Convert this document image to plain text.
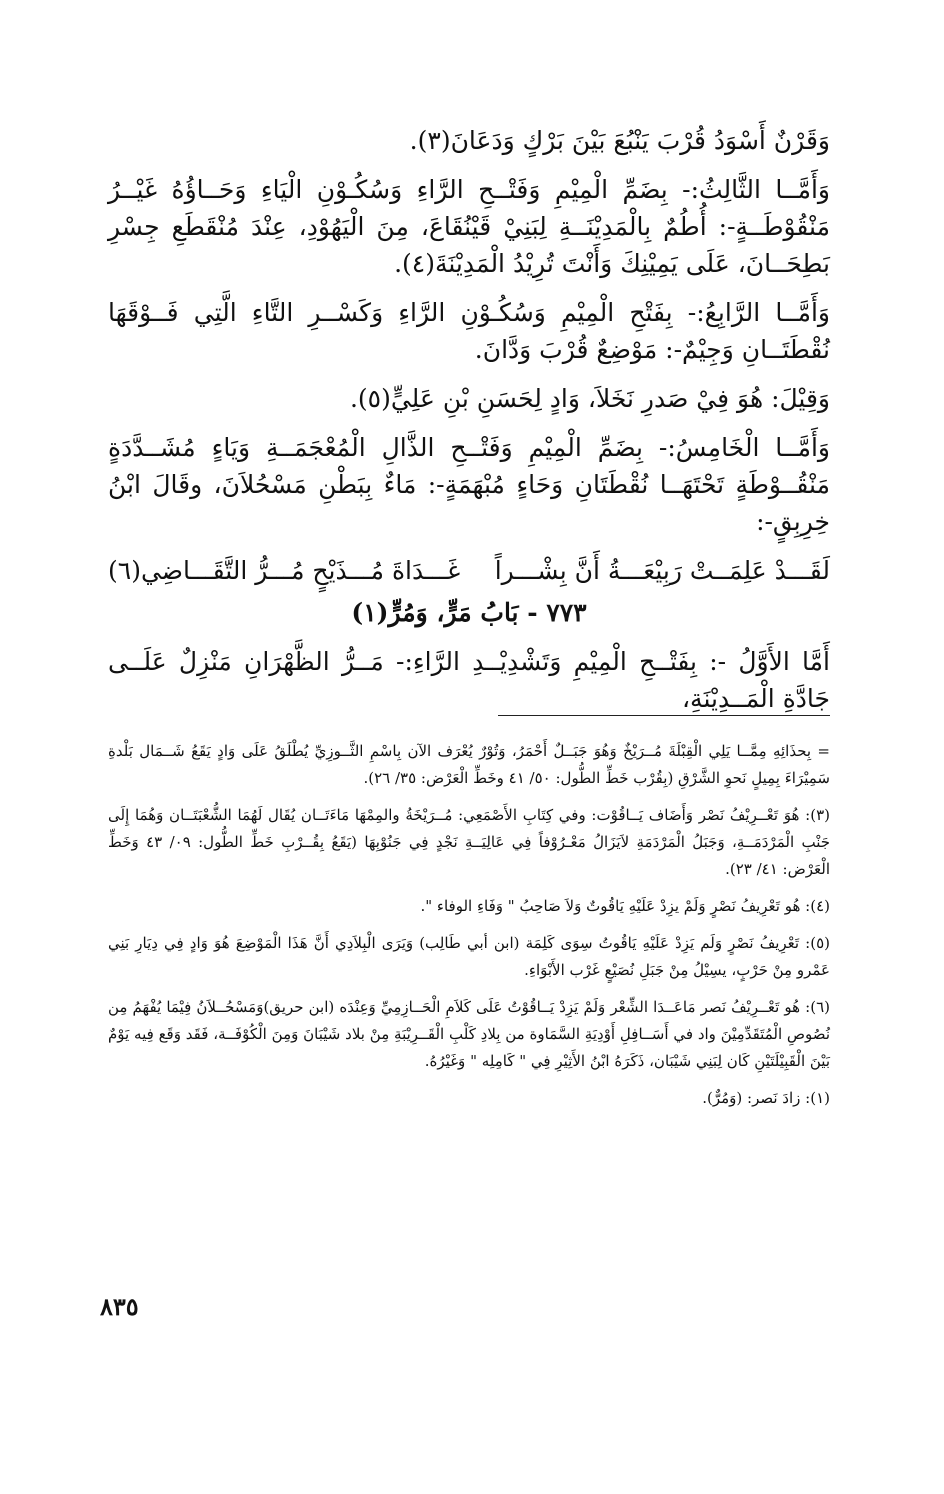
وَقَرْنٌ أَسْوَدُ قُرْبَ يَنْبُعَ بَيْنَ بَرْكٍ وَدَعَانَ(٣).

وَأَمَّــا الثَّالِثُ:- بِضَمِّ الْمِيْمِ وَفَتْــحِ الرَّاءِ وَسُكُـوْنِ الْيَاءِ وَحَــاؤُهُ غَيْــرُ مَنْقُوْطَــةٍ-: أُطُمٌ بِالْمَدِيْنَــةِ لِبَنِيْ قَيْنُقَاعَ، مِنَ الْيَهُوْدِ، عِنْدَ مُنْقَطَعِ جِسْرِ بَطِحَــانَ، عَلَى يَمِيْنِكَ وَأَنْتَ تُرِيْدُ الْمَدِيْنَةَ(٤).

وَأَمَّــا الرَّابِعُ:- بِفَتْحِ الْمِيْمِ وَسُكُـوْنِ الرَّاءِ وَكَسْــرِ التَّاءِ الَّتِي فَــوْقَهَا نُقْطَتَــانِ وَجِيْمٌ-: مَوْضِعٌ قُرْبَ وَدَّانَ.

وَقِيْلَ: هُوَ فِيْ صَدرِ نَخَلاَ، وَادٍ لِحَسَنِ بْنِ عَلِيٍّ(٥).

وَأَمَّــا الْخَامِسُ:- بِضَمِّ الْمِيْمِ وَفَتْــحِ الذَّالِ الْمُعْجَمَــةِ وَيَاءٍ مُشَــدَّدَةٍ مَنْقُــوْطَةٍ تَحْتَهَــا نُقْطَتَانِ وَحَاءٍ مُبْهَمَةٍ-: مَاءٌ بِبَطْنِ مَسْحُلاَنَ، وقَالَ ابْنُ خِرِبِقٍ-:

لَقَـــدْ عَلِمَــتْ رَبِيْعَـــةُ أَنَّ بِشْـــراً
غَـــدَاةَ مُـــذَيْحٍ مُـــرُّ التَّقَـــاضِي(٦)
٧٧٣ - بَابُ مَرٍّ، وَمُرٍّ(١)

أَمَّا الأَوَّلُ -: بِفَتْــحِ الْمِيْمِ وَتَشْدِيْــدِ الرَّاءِ:- مَــرُّ الظَّهْرَانِ مَنْزِلٌ عَلَــى جَادَّةِ الْمَــدِيْنَةِ،

= بِحذَائِهِ مِمَّــا يَلِي الْقِبْلَةَ مُــرَيْخٌ وَهُوَ جَبَــلٌ أَحْمَرُ، وَتُوْرٌ يُعْرَف الآن بِاسْمِ الثَّــوزِيِّ يُطْلَقُ عَلَى وَادٍ يَقَعُ شَــمَال بَلْدةِ سَمِيْرَاءَ بِمِيلٍ نَحوِ الشَّرْقِ (بِقُرْب خَطِّ الطُّول: ٥٠/ ٤١ وخَطِّ الْعَرْض: ٣٥/ ٢٦).

(٣): هُوَ تَعْــرِيْفُ نَصْر وَأَضَاف يَــاقُوْت: وفي كِتَابِ الأَصْمَعِي: مُــرَيْخَةُ والمِمْهَا مَاءَتَــان يُقَال لَهُمَا الشُّعْبَتَــان وَهُمَا إِلَى جَنْبِ الْمَرْدَمَــةِ، وَجَبَلُ الْمَرْدَمَةِ لاَيَزَالُ مَعْـرُوْفاً فِي عَالِيَــةِ نَجْدٍ فِي جَنُوْبِهَا (يَقَعُ بِقُــرْبِ خَطِّ الطُّول: ٠٩/ ٤٣ وَخَطِّ الْعَرْض: ٤١/ ٢٣).

(٤): هُو تَعْرِيفُ نَصْرٍ وَلَمْ يزِدْ عَلَيْهِ يَاقُوتٌ وَلاَ صَاحِبُ " وَفَاءِ الوفاء ".

(٥): تَعْرِيفُ نَصْرٍ وَلَم يَزِدْ عَلَيْهِ يَاقُوتُ سِوَى كَلِمَة (ابن أبي طَالِب) وَيَرَى الْبِلاَدِي أَنَّ هَذَا الْمَوْضِعَ هُوَ وَادٍ فِي دِيَارِ بَنِي عَمْرو مِنْ حَرْبٍ، يسِيْلُ مِنْ جَبَلِ نُصَيْعٍ غَرْب الأَبْوَاءِ.

(٦): هُو تَعْــرِيْفُ نَصر مَاعَــدَا الشِّعْر وَلَمْ يَزِدْ يَــاقُوْتُ عَلَى كَلاَمِ الْحَــازِمِيِّ وَعِنْدَه (ابن حريق)وَمَسْحُــلاَنُ فِيْمَا يُفْهَمُ مِن نُصُوصِ الْمُتَقَدِّمِيْنَ واد في أَسَــافِلِ أَوْدِيَةِ السَّمَاوة من بِلادِ كَلْبِ الْقَــرِيْبَةِ مِنْ بلاد شَيْبَانَ وَمِنَ الْكُوْفَــة، فَقَد وَقَع فِيه يَوْمٌ بَيْنَ الْقَبِيْلَتَيْنِ كَان لِبَنِي شَيْبَان، ذَكَرَهُ ابْنُ الأَثِيْرِ فِي " كَامِلِه " وَغَيْرُهُ.

(١): زادَ نَصر: (وَمُرٌّ).

٨٣٥
